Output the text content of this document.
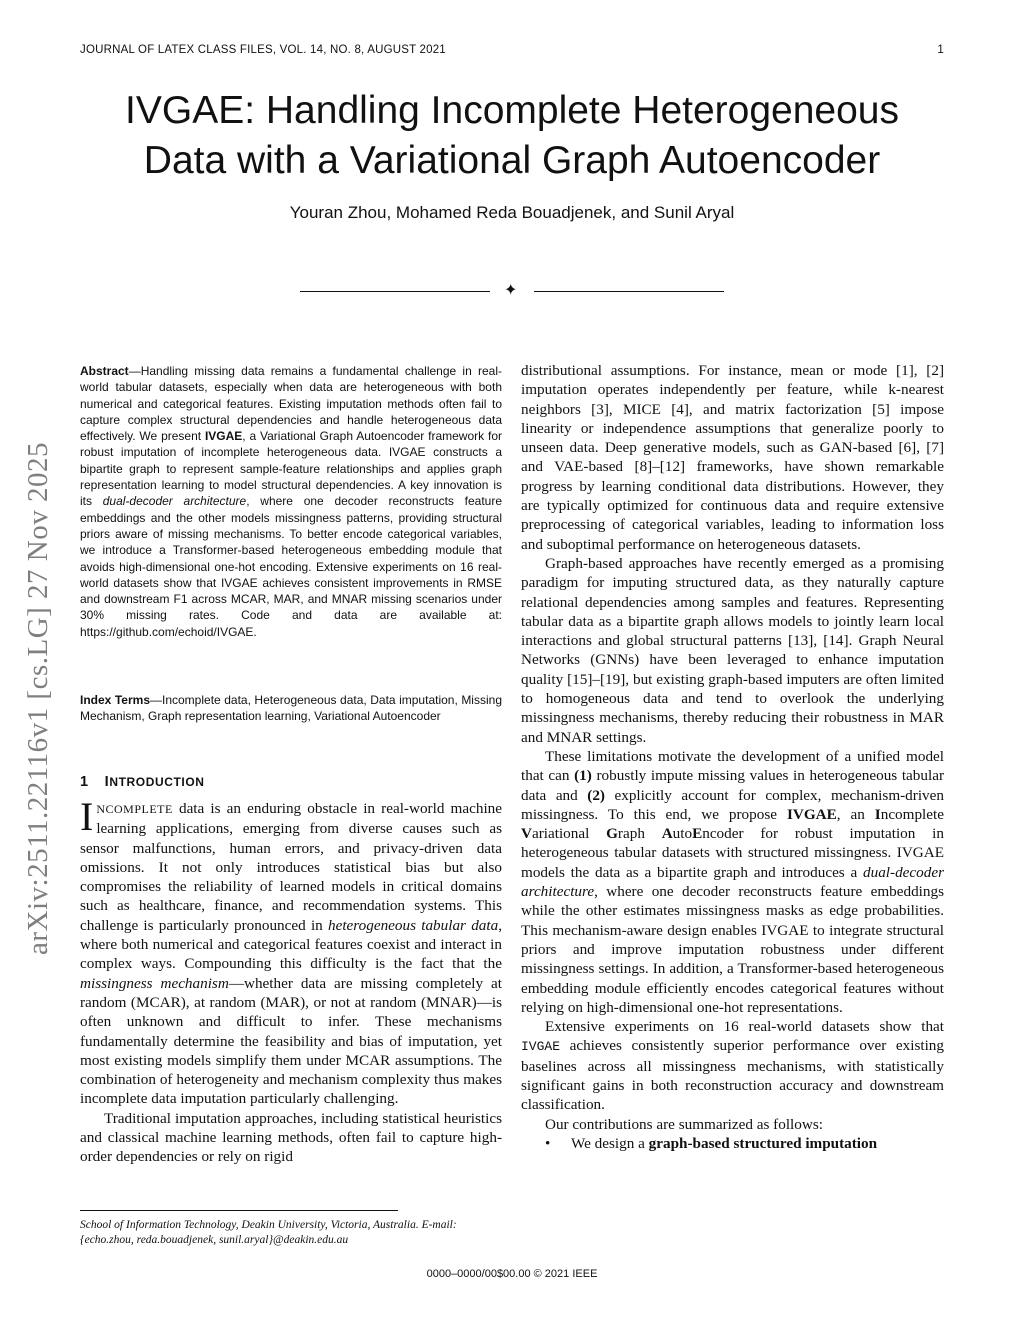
JOURNAL OF LATEX CLASS FILES, VOL. 14, NO. 8, AUGUST 2021	1
IVGAE: Handling Incomplete Heterogeneous
Data with a Variational Graph Autoencoder
Youran Zhou, Mohamed Reda Bouadjenek, and Sunil Aryal
✦
arXiv:2511.22116v1 [cs.LG] 27 Nov 2025

Abstract—Handling missing data remains a fundamental challenge in real-world tabular datasets, especially when data are heterogeneous with both numerical and categorical features. Existing imputation methods often fail to capture complex structural dependencies and handle heterogeneous data effectively. We present IVGAE, a Variational Graph Autoencoder framework for robust imputation of incomplete heterogeneous data. IVGAE constructs a bipartite graph to represent sample-feature relationships and applies graph representation learning to model structural dependencies. A key innovation is its dual-decoder architecture, where one decoder reconstructs feature embeddings and the other models missingness patterns, providing structural priors aware of missing mechanisms. To better encode categorical variables, we introduce a Transformer-based heterogeneous embedding module that avoids high-dimensional one-hot encoding. Extensive experiments on 16 real-world datasets show that IVGAE achieves consistent improvements in RMSE and downstream F1 across MCAR, MAR, and MNAR missing scenarios under 30% missing rates. Code and data are available at: https://github.com/echoid/IVGAE.

Index Terms—Incomplete data, Heterogeneous data, Data imputation, Missing Mechanism, Graph representation learning, Variational Autoencoder

1 INTRODUCTION

INCOMPLETE data is an enduring obstacle in real-world machine learning applications, emerging from diverse causes such as sensor malfunctions, human errors, and privacy-driven data omissions. It not only introduces statistical bias but also compromises the reliability of learned models in critical domains such as healthcare, finance, and recommendation systems. This challenge is particularly pronounced in heterogeneous tabular data, where both numerical and categorical features coexist and interact in complex ways. Compounding this difficulty is the fact that the missingness mechanism—whether data are missing completely at random (MCAR), at random (MAR), or not at random (MNAR)—is often unknown and difficult to infer. These mechanisms fundamentally determine the feasibility and bias of imputation, yet most existing models simplify them under MCAR assumptions. The combination of heterogeneity and mechanism complexity thus makes incomplete data imputation particularly challenging.

Traditional imputation approaches, including statistical heuristics and classical machine learning methods, often fail to capture high-order dependencies or rely on rigid

School of Information Technology, Deakin University, Victoria, Australia. E-mail: {echo.zhou, reda.bouadjenek, sunil.aryal}@deakin.edu.au

distributional assumptions. For instance, mean or mode [1], [2] imputation operates independently per feature, while k-nearest neighbors [3], MICE [4], and matrix factorization [5] impose linearity or independence assumptions that generalize poorly to unseen data. Deep generative models, such as GAN-based [6], [7] and VAE-based [8]–[12] frameworks, have shown remarkable progress by learning conditional data distributions. However, they are typically optimized for continuous data and require extensive preprocessing of categorical variables, leading to information loss and suboptimal performance on heterogeneous datasets.

Graph-based approaches have recently emerged as a promising paradigm for imputing structured data, as they naturally capture relational dependencies among samples and features. Representing tabular data as a bipartite graph allows models to jointly learn local interactions and global structural patterns [13], [14]. Graph Neural Networks (GNNs) have been leveraged to enhance imputation quality [15]–[19], but existing graph-based imputers are often limited to homogeneous data and tend to overlook the underlying missingness mechanisms, thereby reducing their robustness in MAR and MNAR settings.

These limitations motivate the development of a unified model that can (1) robustly impute missing values in heterogeneous tabular data and (2) explicitly account for complex, mechanism-driven missingness. To this end, we propose IVGAE, an Incomplete Variational Graph AutoEncoder for robust imputation in heterogeneous tabular datasets with structured missingness. IVGAE models the data as a bipartite graph and introduces a dual-decoder architecture, where one decoder reconstructs feature embeddings while the other estimates missingness masks as edge probabilities. This mechanism-aware design enables IVGAE to integrate structural priors and improve imputation robustness under different missingness settings. In addition, a Transformer-based heterogeneous embedding module efficiently encodes categorical features without relying on high-dimensional one-hot representations.

Extensive experiments on 16 real-world datasets show that IVGAE achieves consistently superior performance over existing baselines across all missingness mechanisms, with statistically significant gains in both reconstruction accuracy and downstream classification.

Our contributions are summarized as follows:

• We design a graph-based structured imputation
0000–0000/00$00.00 © 2021 IEEE
